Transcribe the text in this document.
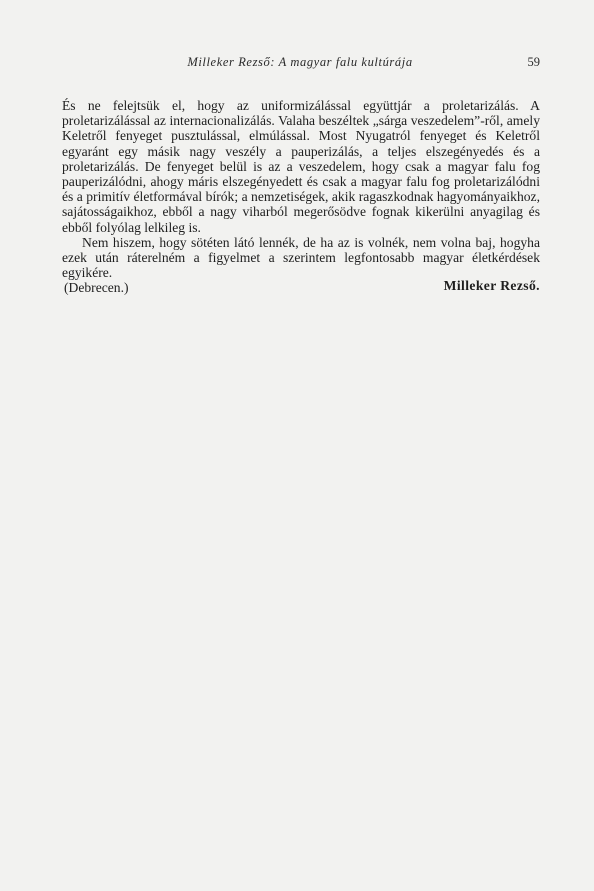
Milleker Rezső: A magyar falu kultúrája	59

És ne felejtsük el, hogy az uniformizálással együttjár a proletarizálás. A proletarizálással az internacionalizálás. Valaha beszéltek „sárga veszedelem”-ről, amely Keletről fenyeget pusztulással, elmúlással. Most Nyugatról fenyeget és Keletről egyaránt egy másik nagy veszély a pauperizálás, a teljes elszegényedés és a proletarizálás. De fenyeget belül is az a veszedelem, hogy csak a magyar falu fog pauperizálódni, ahogy máris elszegényedett és csak a magyar falu fog proletarizálódni és a primitív életformával bírók; a nemzetiségek, akik ragaszkodnak hagyományaikhoz, sajátosságaikhoz, ebből a nagy viharból megerősödve fognak kikerülni anyagilag és ebből folyólag lelkileg is.

Nem hiszem, hogy sötéten látó lennék, de ha az is volnék, nem volna baj, hogyha ezek után ráterelném a figyelmet a szerintem legfontosabb magyar életkérdések egyikére.

(Debrecen.)	Milleker Rezső.
